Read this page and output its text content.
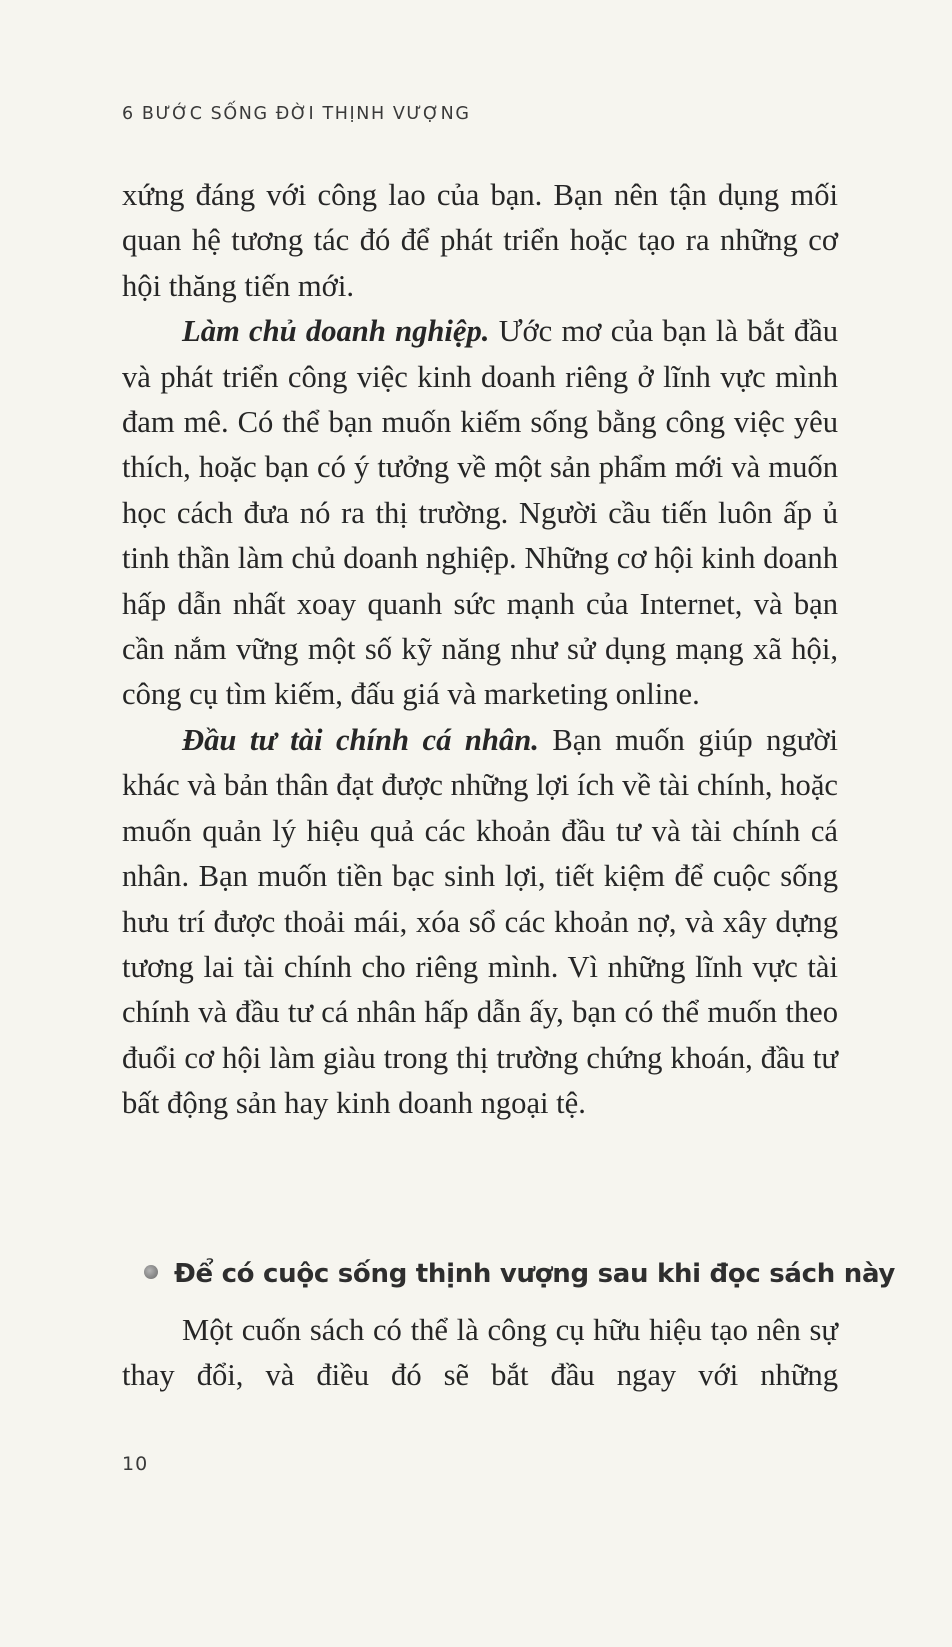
6 BƯỚC SỐNG ĐỜI THỊNH VƯỢNG

xứng đáng với công lao của bạn. Bạn nên tận dụng mối quan hệ tương tác đó để phát triển hoặc tạo ra những cơ hội thăng tiến mới.

Làm chủ doanh nghiệp. Ước mơ của bạn là bắt đầu và phát triển công việc kinh doanh riêng ở lĩnh vực mình đam mê. Có thể bạn muốn kiếm sống bằng công việc yêu thích, hoặc bạn có ý tưởng về một sản phẩm mới và muốn học cách đưa nó ra thị trường. Người cầu tiến luôn ấp ủ tinh thần làm chủ doanh nghiệp. Những cơ hội kinh doanh hấp dẫn nhất xoay quanh sức mạnh của Internet, và bạn cần nắm vững một số kỹ năng như sử dụng mạng xã hội, công cụ tìm kiếm, đấu giá và marketing online.

Đầu tư tài chính cá nhân. Bạn muốn giúp người khác và bản thân đạt được những lợi ích về tài chính, hoặc muốn quản lý hiệu quả các khoản đầu tư và tài chính cá nhân. Bạn muốn tiền bạc sinh lợi, tiết kiệm để cuộc sống hưu trí được thoải mái, xóa sổ các khoản nợ, và xây dựng tương lai tài chính cho riêng mình. Vì những lĩnh vực tài chính và đầu tư cá nhân hấp dẫn ấy, bạn có thể muốn theo đuổi cơ hội làm giàu trong thị trường chứng khoán, đầu tư bất động sản hay kinh doanh ngoại tệ.

Để có cuộc sống thịnh vượng sau khi đọc sách này

Một cuốn sách có thể là công cụ hữu hiệu tạo nên sự thay đổi, và điều đó sẽ bắt đầu ngay với những

10
